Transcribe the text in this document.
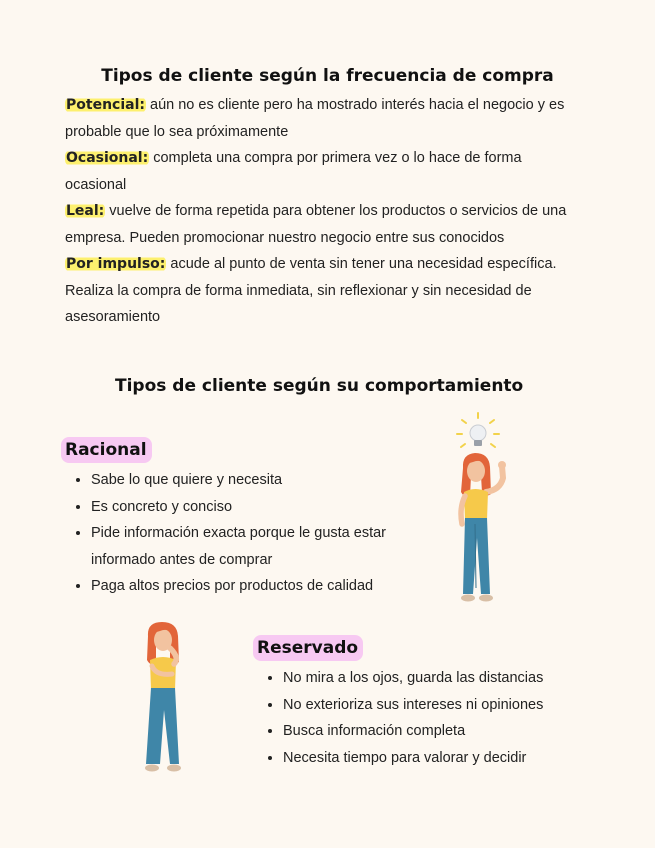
Tipos de cliente según la frecuencia de compra
Potencial: aún no es cliente pero ha mostrado interés hacia el negocio y es probable que lo sea próximamente
Ocasional: completa una compra por primera vez o lo hace de forma ocasional
Leal: vuelve de forma repetida para obtener los productos o servicios de una empresa. Pueden promocionar nuestro negocio entre sus conocidos
Por impulso: acude al punto de venta sin tener una necesidad específica. Realiza la compra de forma inmediata, sin reflexionar y sin necesidad de asesoramiento
Tipos de cliente según su comportamiento
Racional
• Sabe lo que quiere y necesita
• Es concreto y conciso
• Pide información exacta porque le gusta estar informado antes de comprar
• Paga altos precios por productos de calidad
Reservado
• No mira a los ojos, guarda las distancias
• No exterioriza sus intereses ni opiniones
• Busca información completa
• Necesita tiempo para valorar y decidir
